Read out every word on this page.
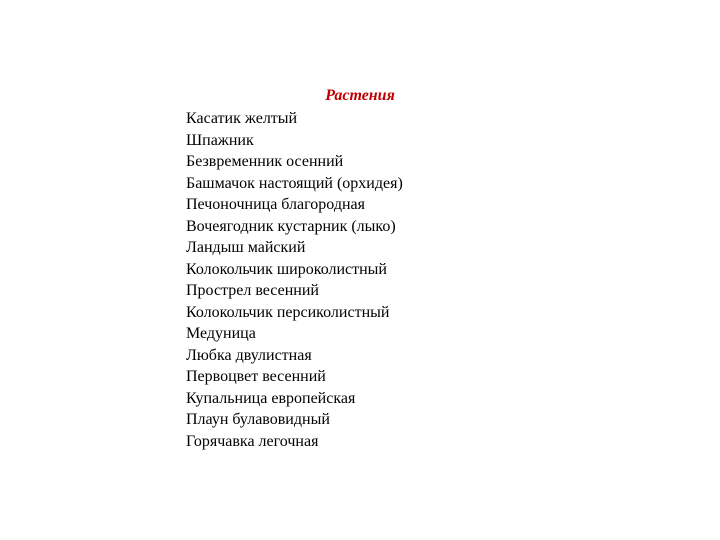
Растения
Касатик желтый
Шпажник
Безвременник осенний
Башмачок настоящий (орхидея)
Печоночница благородная
Вочеягодник кустарник (лыко)
Ландыш майский
Колокольчик широколистный
Прострел весенний
Колокольчик персиколистный
Медуница
Любка двулистная
Первоцвет весенний
Купальница европейская
Плаун булавовидный
Горячавка легочная
